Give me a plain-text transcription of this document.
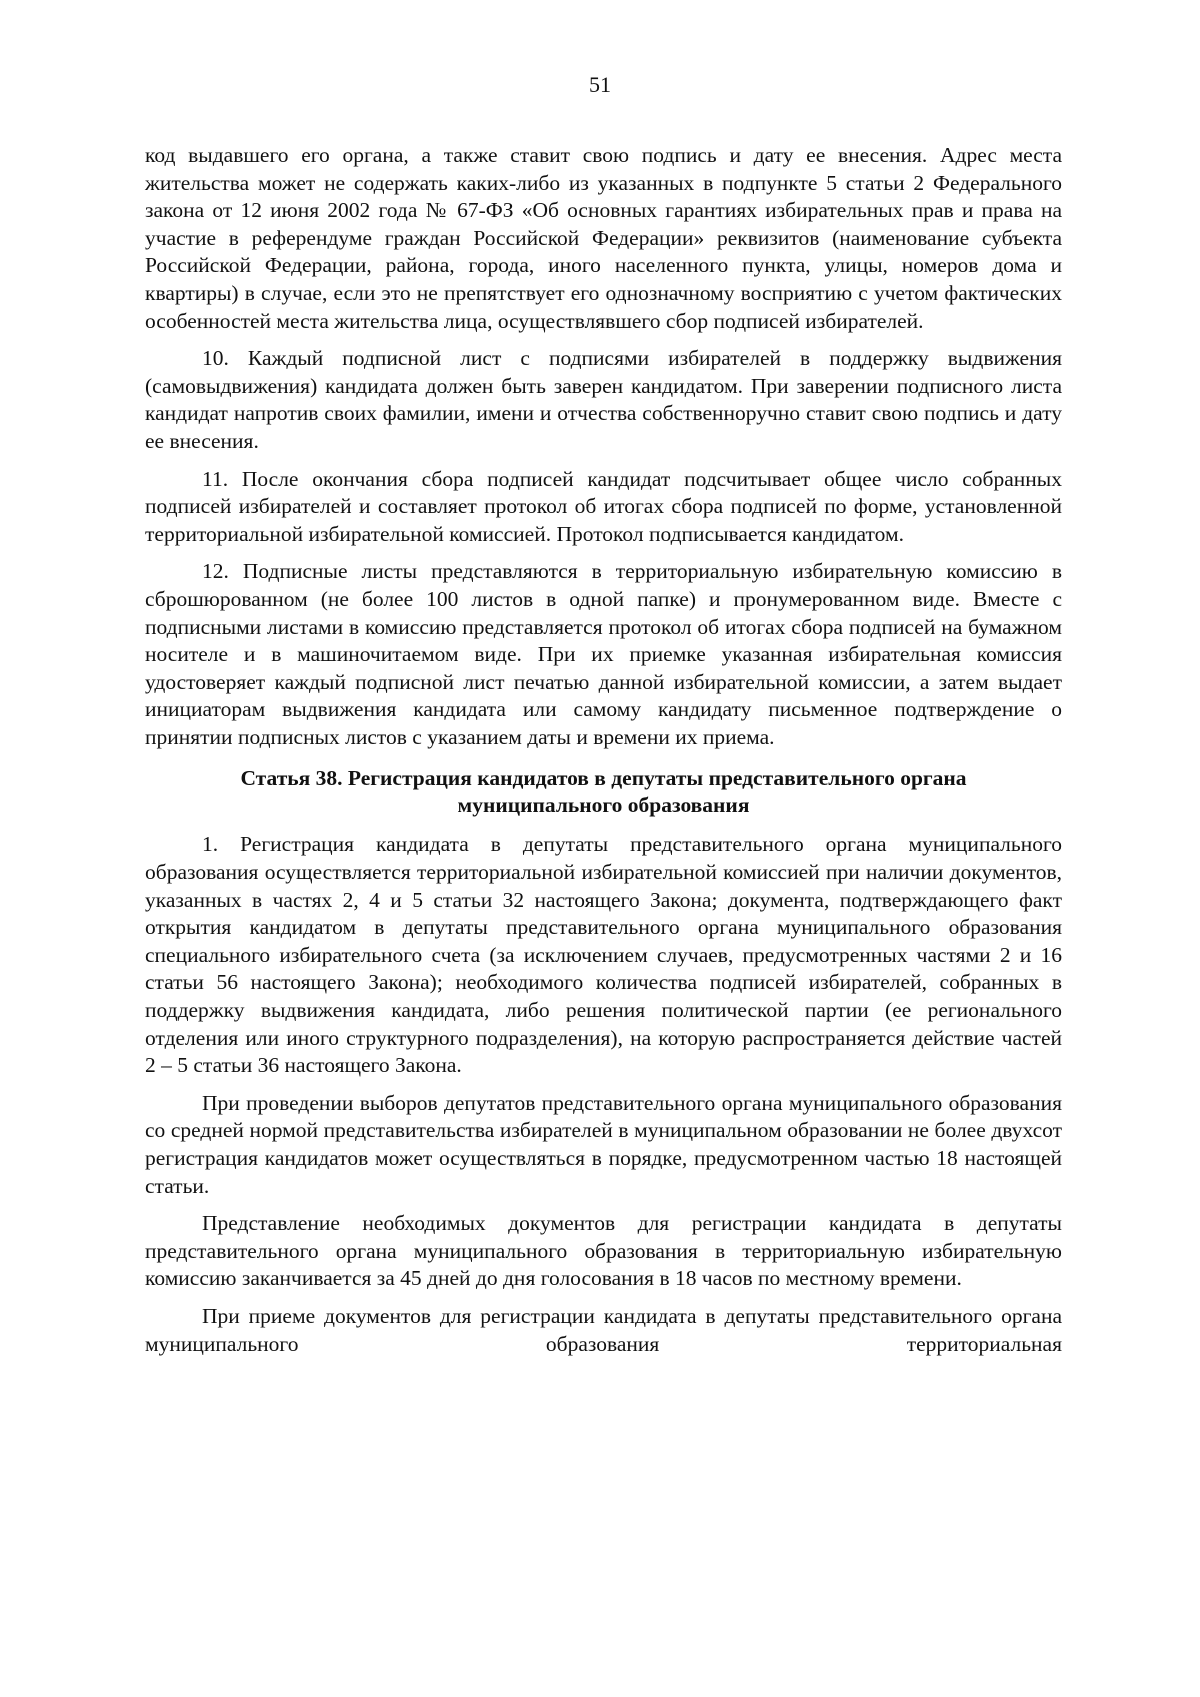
51

код выдавшего его органа, а также ставит свою подпись и дату ее внесения. Адрес места жительства может не содержать каких-либо из указанных в подпункте 5 статьи 2 Федерального закона от 12 июня 2002 года № 67-ФЗ «Об основных гарантиях избирательных прав и права на участие в референдуме граждан Российской Федерации» реквизитов (наименование субъекта Российской Федерации, района, города, иного населенного пункта, улицы, номеров дома и квартиры) в случае, если это не препятствует его однозначному восприятию с учетом фактических особенностей места жительства лица, осуществлявшего сбор подписей избирателей.

10. Каждый подписной лист с подписями избирателей в поддержку выдвижения (самовыдвижения) кандидата должен быть заверен кандидатом. При заверении подписного листа кандидат напротив своих фамилии, имени и отчества собственноручно ставит свою подпись и дату ее внесения.

11. После окончания сбора подписей кандидат подсчитывает общее число собранных подписей избирателей и составляет протокол об итогах сбора подписей по форме, установленной территориальной избирательной комиссией. Протокол подписывается кандидатом.

12. Подписные листы представляются в территориальную избирательную комиссию в сброшюрованном (не более 100 листов в одной папке) и пронумерованном виде. Вместе с подписными листами в комиссию представляется протокол об итогах сбора подписей на бумажном носителе и в машиночитаемом виде. При их приемке указанная избирательная комиссия удостоверяет каждый подписной лист печатью данной избирательной комиссии, а затем выдает инициаторам выдвижения кандидата или самому кандидату письменное подтверждение о принятии подписных листов с указанием даты и времени их приема.

Статья 38. Регистрация кандидатов в депутаты представительного органа
муниципального образования

1. Регистрация кандидата в депутаты представительного органа муниципального образования осуществляется территориальной избирательной комиссией при наличии документов, указанных в частях 2, 4 и 5 статьи 32 настоящего Закона; документа, подтверждающего факт открытия кандидатом в депутаты представительного органа муниципального образования специального избирательного счета (за исключением случаев, предусмотренных частями 2 и 16 статьи 56 настоящего Закона); необходимого количества подписей избирателей, собранных в поддержку выдвижения кандидата, либо решения политической партии (ее регионального отделения или иного структурного подразделения), на которую распространяется действие частей 2 – 5 статьи 36 настоящего Закона.

При проведении выборов депутатов представительного органа муниципального образования со средней нормой представительства избирателей в муниципальном образовании не более двухсот регистрация кандидатов может осуществляться в порядке, предусмотренном частью 18 настоящей статьи.

Представление необходимых документов для регистрации кандидата в депутаты представительного органа муниципального образования в территориальную избирательную комиссию заканчивается за 45 дней до дня голосования в 18 часов по местному времени.

При приеме документов для регистрации кандидата в депутаты представительного органа муниципального образования территориальная
